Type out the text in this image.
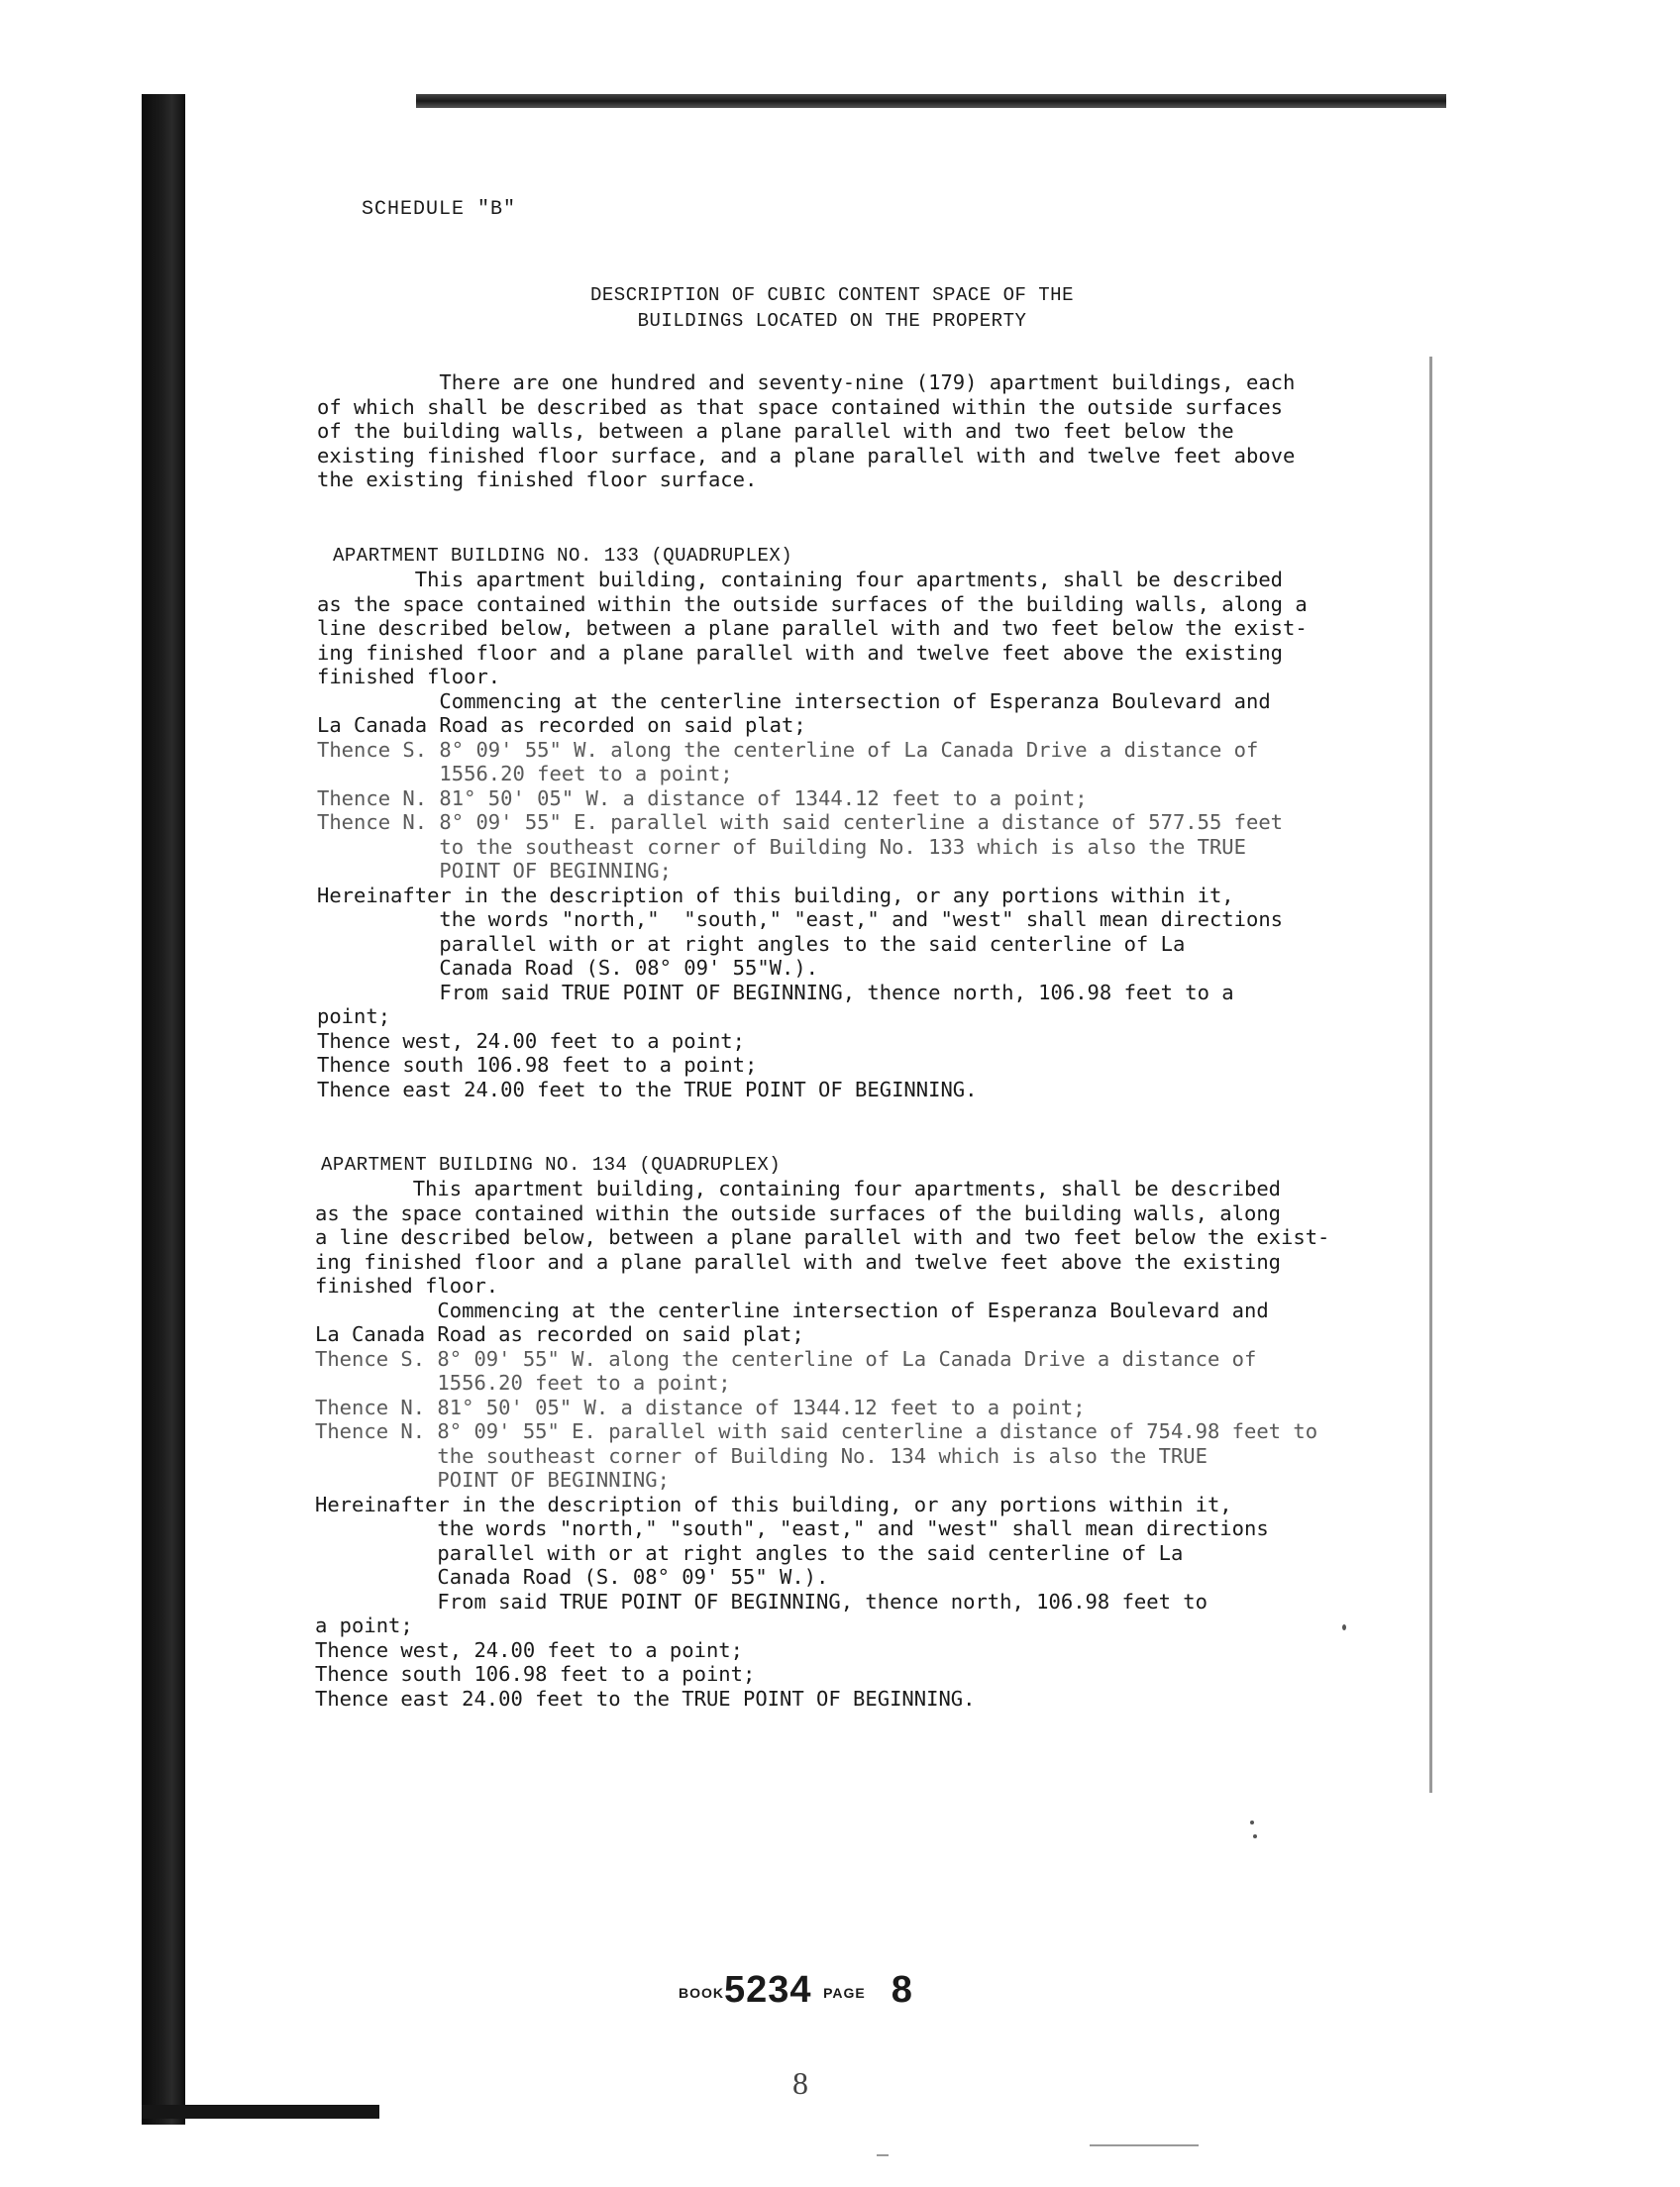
SCHEDULE "B"
DESCRIPTION OF CUBIC CONTENT SPACE OF THE
BUILDINGS LOCATED ON THE PROPERTY
There are one hundred and seventy-nine (179) apartment buildings, each
of which shall be described as that space contained within the outside surfaces
of the building walls, between a plane parallel with and two feet below the
existing finished floor surface, and a plane parallel with and twelve feet above
the existing finished floor surface.
APARTMENT BUILDING NO. 133 (QUADRUPLEX)
This apartment building, containing four apartments, shall be described
as the space contained within the outside surfaces of the building walls, along a
line described below, between a plane parallel with and two feet below the exist-
ing finished floor and a plane parallel with and twelve feet above the existing
finished floor.
Commencing at the centerline intersection of Esperanza Boulevard and
La Canada Road as recorded on said plat;
Thence S. 8° 09' 55" W. along the centerline of La Canada Drive a distance of
1556.20 feet to a point;
Thence N. 81° 50' 05" W. a distance of 1344.12 feet to a point;
Thence N. 8° 09' 55" E. parallel with said centerline a distance of 577.55 feet
to the southeast corner of Building No. 133 which is also the TRUE
POINT OF BEGINNING;
Hereinafter in the description of this building, or any portions within it,
the words "north,"  "south," "east," and "west" shall mean directions
parallel with or at right angles to the said centerline of La
Canada Road (S. 08° 09' 55"W.).
From said TRUE POINT OF BEGINNING, thence north, 106.98 feet to a
point;
Thence west, 24.00 feet to a point;
Thence south 106.98 feet to a point;
Thence east 24.00 feet to the TRUE POINT OF BEGINNING.
APARTMENT BUILDING NO. 134 (QUADRUPLEX)
This apartment building, containing four apartments, shall be described
as the space contained within the outside surfaces of the building walls, along
a line described below, between a plane parallel with and two feet below the exist-
ing finished floor and a plane parallel with and twelve feet above the existing
finished floor.
Commencing at the centerline intersection of Esperanza Boulevard and
La Canada Road as recorded on said plat;
Thence S. 8° 09' 55" W. along the centerline of La Canada Drive a distance of
1556.20 feet to a point;
Thence N. 81° 50' 05" W. a distance of 1344.12 feet to a point;
Thence N. 8° 09' 55" E. parallel with said centerline a distance of 754.98 feet to
the southeast corner of Building No. 134 which is also the TRUE
POINT OF BEGINNING;
Hereinafter in the description of this building, or any portions within it,
the words "north," "south", "east," and "west" shall mean directions
parallel with or at right angles to the said centerline of La
Canada Road (S. 08° 09' 55" W.).
From said TRUE POINT OF BEGINNING, thence north, 106.98 feet to
a point;
Thence west, 24.00 feet to a point;
Thence south 106.98 feet to a point;
Thence east 24.00 feet to the TRUE POINT OF BEGINNING.
BOOK5234 PAGE 8
8
